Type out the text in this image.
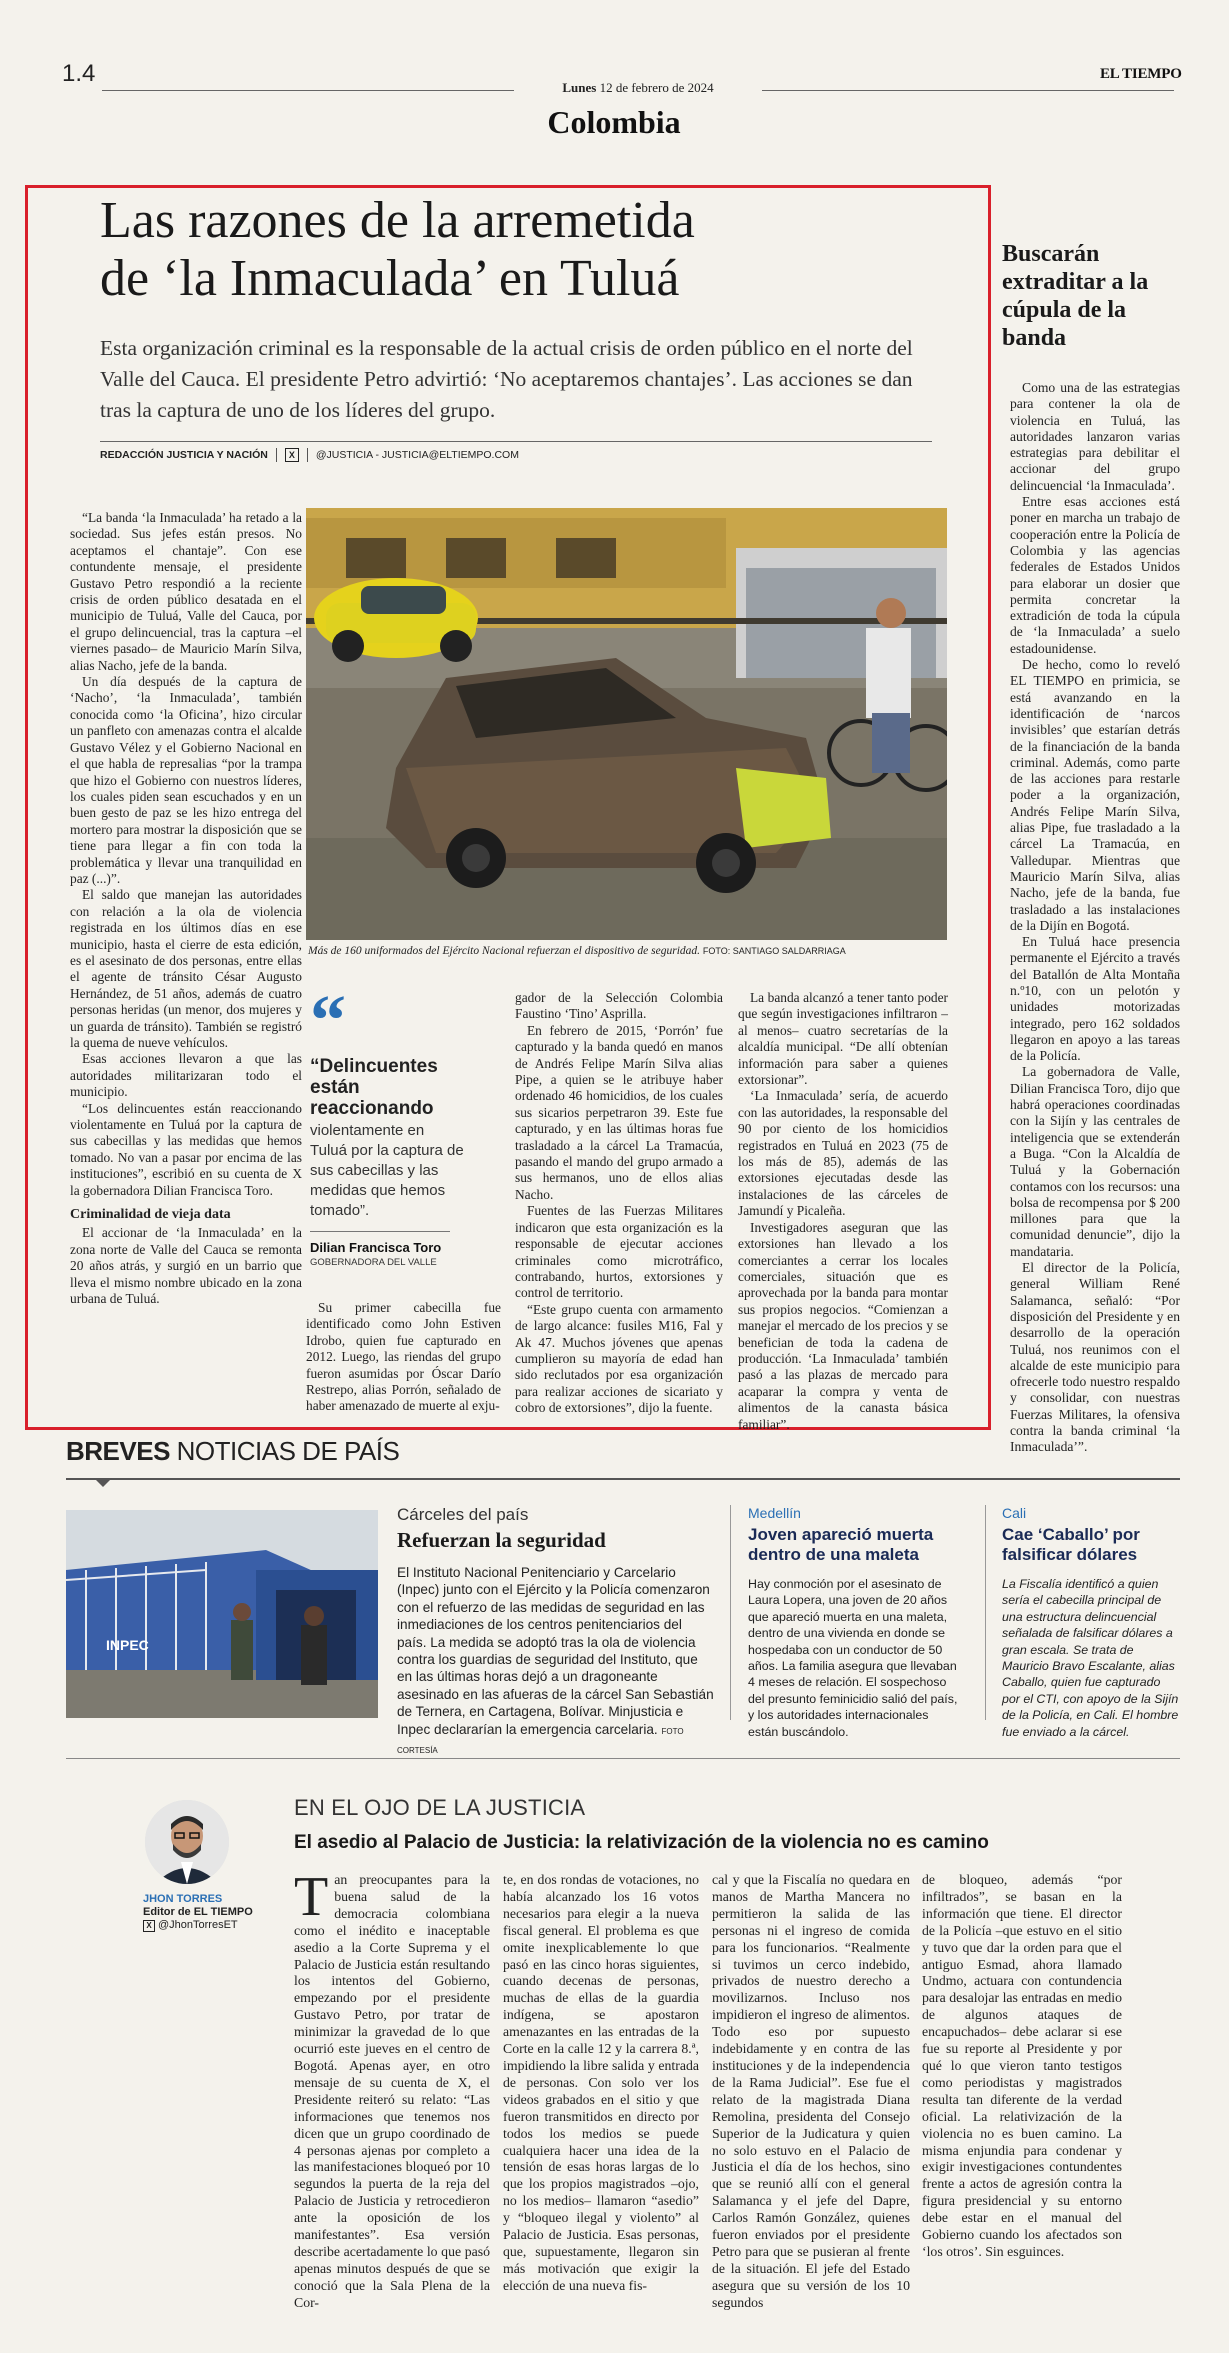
1.4
Lunes 12 de febrero de 2024
EL TIEMPO
Colombia
Las razones de la arremetida
de ‘la Inmaculada’ en Tuluá
Esta organización criminal es la responsable de la actual crisis de orden público en el norte del Valle del Cauca. El presidente Petro advirtió: ‘No aceptaremos chantajes’. Las acciones se dan tras la captura de uno de los líderes del grupo.
REDACCIÓN JUSTICIA Y NACIÓN	X	@JUSTICIA - JUSTICIA@ELTIEMPO.COM

“La banda ‘la Inmaculada’ ha retado a la sociedad. Sus jefes están presos. No aceptamos el chantaje”. Con ese contundente mensaje, el presidente Gustavo Petro respondió a la reciente crisis de orden público desatada en el municipio de Tuluá, Valle del Cauca, por el grupo delincuencial, tras la captura –el viernes pasado– de Mauricio Marín Silva, alias Nacho, jefe de la banda.

Un día después de la captura de ‘Nacho’, ‘la Inmaculada’, también conocida como ‘la Oficina’, hizo circular un panfleto con amenazas contra el alcalde Gustavo Vélez y el Gobierno Nacional en el que habla de represalias “por la trampa que hizo el Gobierno con nuestros líderes, los cuales piden sean escuchados y en un buen gesto de paz se les hizo entrega del mortero para mostrar la disposición que se tiene para llegar a fin con toda la problemática y llevar una tranquilidad en paz (...)”.

El saldo que manejan las autoridades con relación a la ola de violencia registrada en los últimos días en ese municipio, hasta el cierre de esta edición, es el asesinato de dos personas, entre ellas el agente de tránsito César Augusto Hernández, de 51 años, además de cuatro personas heridas (un menor, dos mujeres y un guarda de tránsito). También se registró la quema de nueve vehículos.

Esas acciones llevaron a que las autoridades militarizaran todo el municipio.

“Los delincuentes están reaccionando violentamente en Tuluá por la captura de sus cabecillas y las medidas que hemos tomado. No van a pasar por encima de las instituciones”, escribió en su cuenta de X la gobernadora Dilian Francisca Toro.

Criminalidad de vieja data

El accionar de ‘la Inmaculada’ en la zona norte de Valle del Cauca se remonta 20 años atrás, y surgió en un barrio que lleva el mismo nombre ubicado en la zona urbana de Tuluá.

Más de 160 uniformados del Ejército Nacional refuerzan el dispositivo de seguridad. FOTO: SANTIAGO SALDARRIAGA
“
“Delincuentes están reaccionando
violentamente en Tuluá por la captura de sus cabecillas y las medidas que hemos tomado”.
Dilian Francisca Toro
GOBERNADORA DEL VALLE

Su primer cabecilla fue identificado como John Estiven Idrobo, quien fue capturado en 2012. Luego, las riendas del grupo fueron asumidas por Óscar Darío Restrepo, alias Porrón, señalado de haber amenazado de muerte al exju-

gador de la Selección Colombia Faustino ‘Tino’ Asprilla.

En febrero de 2015, ‘Porrón’ fue capturado y la banda quedó en manos de Andrés Felipe Marín Silva alias Pipe, a quien se le atribuye haber ordenado 46 homicidios, de los cuales sus sicarios perpetraron 39. Este fue capturado, y en las últimas horas fue trasladado a la cárcel La Tramacúa, pasando el mando del grupo armado a sus hermanos, uno de ellos alias Nacho.

Fuentes de las Fuerzas Militares indicaron que esta organización es la responsable de ejecutar acciones criminales como microtráfico, contrabando, hurtos, extorsiones y control de territorio.

“Este grupo cuenta con armamento de largo alcance: fusiles M16, Fal y Ak 47. Muchos jóvenes que apenas cumplieron su mayoría de edad han sido reclutados por esa organización para realizar acciones de sicariato y cobro de extorsiones”, dijo la fuente.

La banda alcanzó a tener tanto poder que según investigaciones infiltraron –al menos– cuatro secretarías de la alcaldía municipal. “De allí obtenían información para saber a quienes extorsionar”.

‘La Inmaculada’ sería, de acuerdo con las autoridades, la responsable del 90 por ciento de los homicidios registrados en Tuluá en 2023 (75 de los más de 85), además de las extorsiones ejecutadas desde las instalaciones de las cárceles de Jamundí y Picaleña.

Investigadores aseguran que las extorsiones han llevado a los comerciantes a cerrar los locales comerciales, situación que es aprovechada por la banda para montar sus propios negocios. “Comienzan a manejar el mercado de los precios y se benefician de toda la cadena de producción. ‘La Inmaculada’ también pasó a las plazas de mercado para acaparar la compra y venta de alimentos de la canasta básica familiar”.

Buscarán extraditar a la cúpula de la banda

Como una de las estrategias para contener la ola de violencia en Tuluá, las autoridades lanzaron varias estrategias para debilitar el accionar del grupo delincuencial ‘la Inmaculada’.

Entre esas acciones está poner en marcha un trabajo de cooperación entre la Policía de Colombia y las agencias federales de Estados Unidos para elaborar un dosier que permita concretar la extradición de toda la cúpula de ‘la Inmaculada’ a suelo estadounidense.

De hecho, como lo reveló EL TIEMPO en primicia, se está avanzando en la identificación de ‘narcos invisibles’ que estarían detrás de la financiación de la banda criminal. Además, como parte de las acciones para restarle poder a la organización, Andrés Felipe Marín Silva, alias Pipe, fue trasladado a la cárcel La Tramacúa, en Valledupar. Mientras que Mauricio Marín Silva, alias Nacho, jefe de la banda, fue trasladado a las instalaciones de la Dijín en Bogotá.

En Tuluá hace presencia permanente el Ejército a través del Batallón de Alta Montaña n.º10, con un pelotón y unidades motorizadas integrado, pero 162 soldados llegaron en apoyo a las tareas de la Policía.

La gobernadora de Valle, Dilian Francisca Toro, dijo que habrá operaciones coordinadas con la Sijín y las centrales de inteligencia que se extenderán a Buga. “Con la Alcaldía de Tuluá y la Gobernación contamos con los recursos: una bolsa de recompensa por $ 200 millones para que la comunidad denuncie”, dijo la mandataria.

El director de la Policía, general William René Salamanca, señaló: “Por disposición del Presidente y en desarrollo de la operación Tuluá, nos reunimos con el alcalde de este municipio para ofrecerle todo nuestro respaldo y consolidar, con nuestras Fuerzas Militares, la ofensiva contra la banda criminal ‘la Inmaculada’”.

BREVES NOTICIAS DE PAÍS
INPEC
Cárceles del país
Refuerzan la seguridad
El Instituto Nacional Penitenciario y Carcelario (Inpec) junto con el Ejército y la Policía comenzaron con el refuerzo de las medidas de seguridad en las inmediaciones de los centros penitenciarios del país. La medida se adoptó tras la ola de violencia contra los guardias de seguridad del Instituto, que en las últimas horas dejó a un dragoneante asesinado en las afueras de la cárcel San Sebastián de Ternera, en Cartagena, Bolívar. Minjusticia e Inpec declararían la emergencia carcelaria. FOTO CORTESÍA
Medellín
Joven apareció muerta dentro de una maleta
Hay conmoción por el asesinato de Laura Lopera, una joven de 20 años que apareció muerta en una maleta, dentro de una vivienda en donde se hospedaba con un conductor de 50 años. La familia asegura que llevaban 4 meses de relación. El sospechoso del presunto feminicidio salió del país, y los autoridades internacionales están buscándolo.
Cali
Cae ‘Caballo’ por falsificar dólares
La Fiscalía identificó a quien sería el cabecilla principal de una estructura delincuencial señalada de falsificar dólares a gran escala. Se trata de Mauricio Bravo Escalante, alias Caballo, quien fue capturado por el CTI, con apoyo de la Sijín de la Policía, en Cali. El hombre fue enviado a la cárcel.
JHON TORRES
Editor de EL TIEMPO
X @JhonTorresET
EN EL OJO DE LA JUSTICIA
El asedio al Palacio de Justicia: la relativización de la violencia no es camino
T an preocupantes para la buena salud de la democracia colombiana como el inédito e inaceptable asedio a la Corte Suprema y el Palacio de Justicia están resultando los intentos del Gobierno, empezando por el presidente Gustavo Petro, por tratar de minimizar la gravedad de lo que ocurrió este jueves en el centro de Bogotá. Apenas ayer, en otro mensaje de su cuenta de X, el Presidente reiteró su relato: “Las informaciones que tenemos nos dicen que un grupo coordinado de 4 personas ajenas por completo a las manifestaciones bloqueó por 10 segundos la puerta de la reja del Palacio de Justicia y retrocedieron ante la oposición de los manifestantes”. Esa versión describe acertadamente lo que pasó apenas minutos después de que se conoció que la Sala Plena de la Cor-
te, en dos rondas de votaciones, no había alcanzado los 16 votos necesarios para elegir a la nueva fiscal general. El problema es que omite inexplicablemente lo que pasó en las cinco horas siguientes, cuando decenas de personas, muchas de ellas de la guardia indígena, se apostaron amenazantes en las entradas de la Corte en la calle 12 y la carrera 8.ª, impidiendo la libre salida y entrada de personas. Con solo ver los videos grabados en el sitio y que fueron transmitidos en directo por todos los medios se puede cualquiera hacer una idea de la tensión de esas horas largas de lo que los propios magistrados –ojo, no los medios– llamaron “asedio” y “bloqueo ilegal y violento” al Palacio de Justicia. Esas personas, que, supuestamente, llegaron sin más motivación que exigir la elección de una nueva fis-
cal y que la Fiscalía no quedara en manos de Martha Mancera no permitieron la salida de las personas ni el ingreso de comida para los funcionarios. “Realmente si tuvimos un cerco indebido, privados de nuestro derecho a movilizarnos. Incluso nos impidieron el ingreso de alimentos. Todo eso por supuesto indebidamente y en contra de las instituciones y de la independencia de la Rama Judicial”. Ese fue el relato de la magistrada Diana Remolina, presidenta del Consejo Superior de la Judicatura y quien no solo estuvo en el Palacio de Justicia el día de los hechos, sino que se reunió allí con el general Salamanca y el jefe del Dapre, Carlos Ramón González, quienes fueron enviados por el presidente Petro para que se pusieran al frente de la situación. El jefe del Estado asegura que su versión de los 10 segundos
de bloqueo, además “por infiltrados”, se basan en la información que tiene. El director de la Policía –que estuvo en el sitio y tuvo que dar la orden para que el antiguo Esmad, ahora llamado Undmo, actuara con contundencia para desalojar las entradas en medio de algunos ataques de encapuchados– debe aclarar si ese fue su reporte al Presidente y por qué lo que vieron tanto testigos como periodistas y magistrados resulta tan diferente de la verdad oficial. La relativización de la violencia no es buen camino. La misma enjundia para condenar y exigir investigaciones contundentes frente a actos de agresión contra la figura presidencial y su entorno debe estar en el manual del Gobierno cuando los afectados son ‘los otros’. Sin esguinces.
